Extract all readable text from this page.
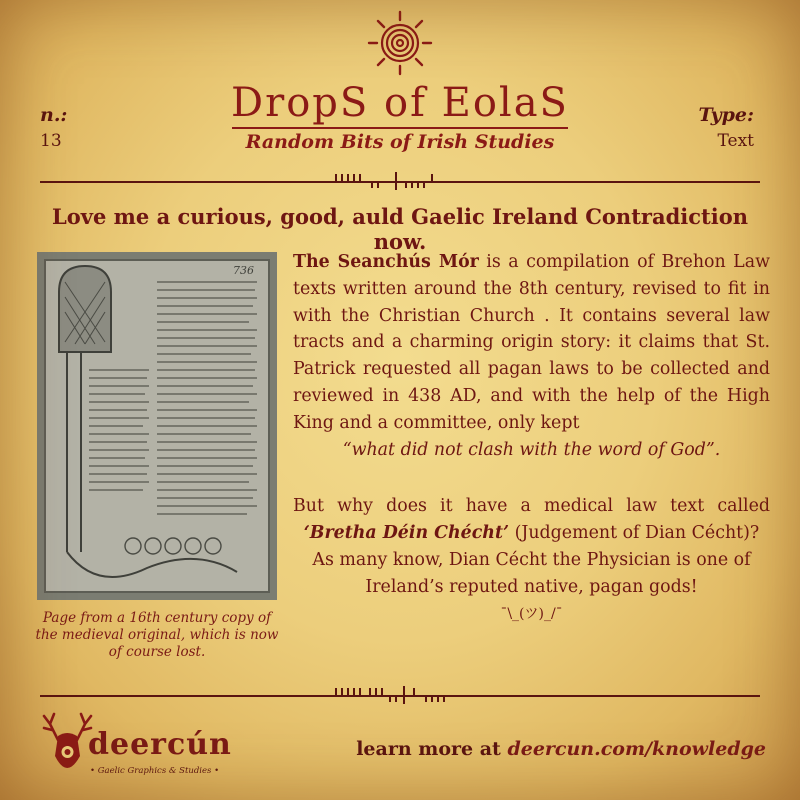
n.:
13
Type:
Text
DropS of EolaS
Random Bits of Irish Studies
Love me a curious, good, auld Gaelic Ireland Contradiction now.
736
Page from a 16th century copy of the medieval original, which is now of course lost.

The Seanchús Mór is a compilation of Brehon Law texts written around the 8th century, revised to fit in with the Christian Church . It contains several law tracts and a charming origin story: it claims that St. Patrick requested all pagan laws to be collected and reviewed in 438 AD, and with the help of the High King and a committee, only kept

“what did not clash with the word of God”.

But why does it have a medical law text called
‘Bretha Déin Chécht’ (Judgement of Dian Cécht)?
As many know, Dian Cécht the Physician is one of Ireland’s reputed native, pagan gods!

¯\_(ツ)_/¯

deercún
• Gaelic Graphics & Studies •
learn more at deercun.com/knowledge
